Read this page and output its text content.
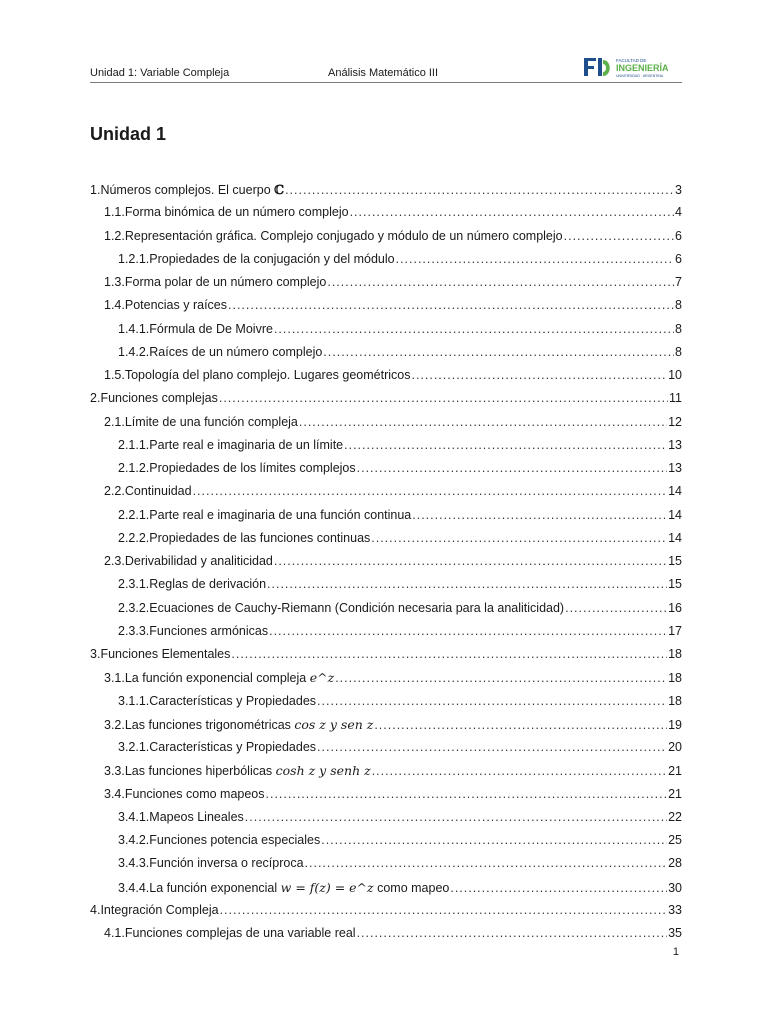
Unidad 1: Variable Compleja	Análisis Matemático III
FACULTAD DE
INGENIERÍA
UNIVERSIDAD · ARGENTINA
Unidad 1
1.Números complejos. El cuerpo ℂ .....	3
1.1.Forma binómica de un número complejo .....	4
1.2.Representación gráfica. Complejo conjugado y módulo de un número complejo .....	6
1.2.1.Propiedades de la conjugación y del módulo .....	6
1.3.Forma polar de un número complejo .....	7
1.4.Potencias y raíces .....	8
1.4.1.Fórmula de De Moivre .....	8
1.4.2.Raíces de un número complejo .....	8
1.5.Topología del plano complejo. Lugares geométricos .....	10
2.Funciones complejas .....	11
2.1.Límite de una función compleja .....	12
2.1.1.Parte real e imaginaria de un límite .....	13
2.1.2.Propiedades de los límites complejos .....	13
2.2.Continuidad .....	14
2.2.1.Parte real e imaginaria de una función continua .....	14
2.2.2.Propiedades de las funciones continuas .....	14
2.3.Derivabilidad y analiticidad .....	15
2.3.1.Reglas de derivación .....	15
2.3.2.Ecuaciones de Cauchy-Riemann (Condición necesaria para la analiticidad) .....	16
2.3.3.Funciones armónicas .....	17
3.Funciones Elementales .....	18
3.1.La función exponencial compleja e^z .....	18
3.1.1.Características y Propiedades .....	18
3.2.Las funciones trigonométricas cos z y sen z .....	19
3.2.1.Características y Propiedades .....	20
3.3.Las funciones hiperbólicas cosh z y senh z .....	21
3.4.Funciones como mapeos .....	21
3.4.1.Mapeos Lineales .....	22
3.4.2.Funciones potencia especiales .....	25
3.4.3.Función inversa o recíproca .....	28
3.4.4.La función exponencial w = f(z) = e^z como mapeo .....	30
4.Integración Compleja .....	33
4.1.Funciones complejas de una variable real .....	35
1
